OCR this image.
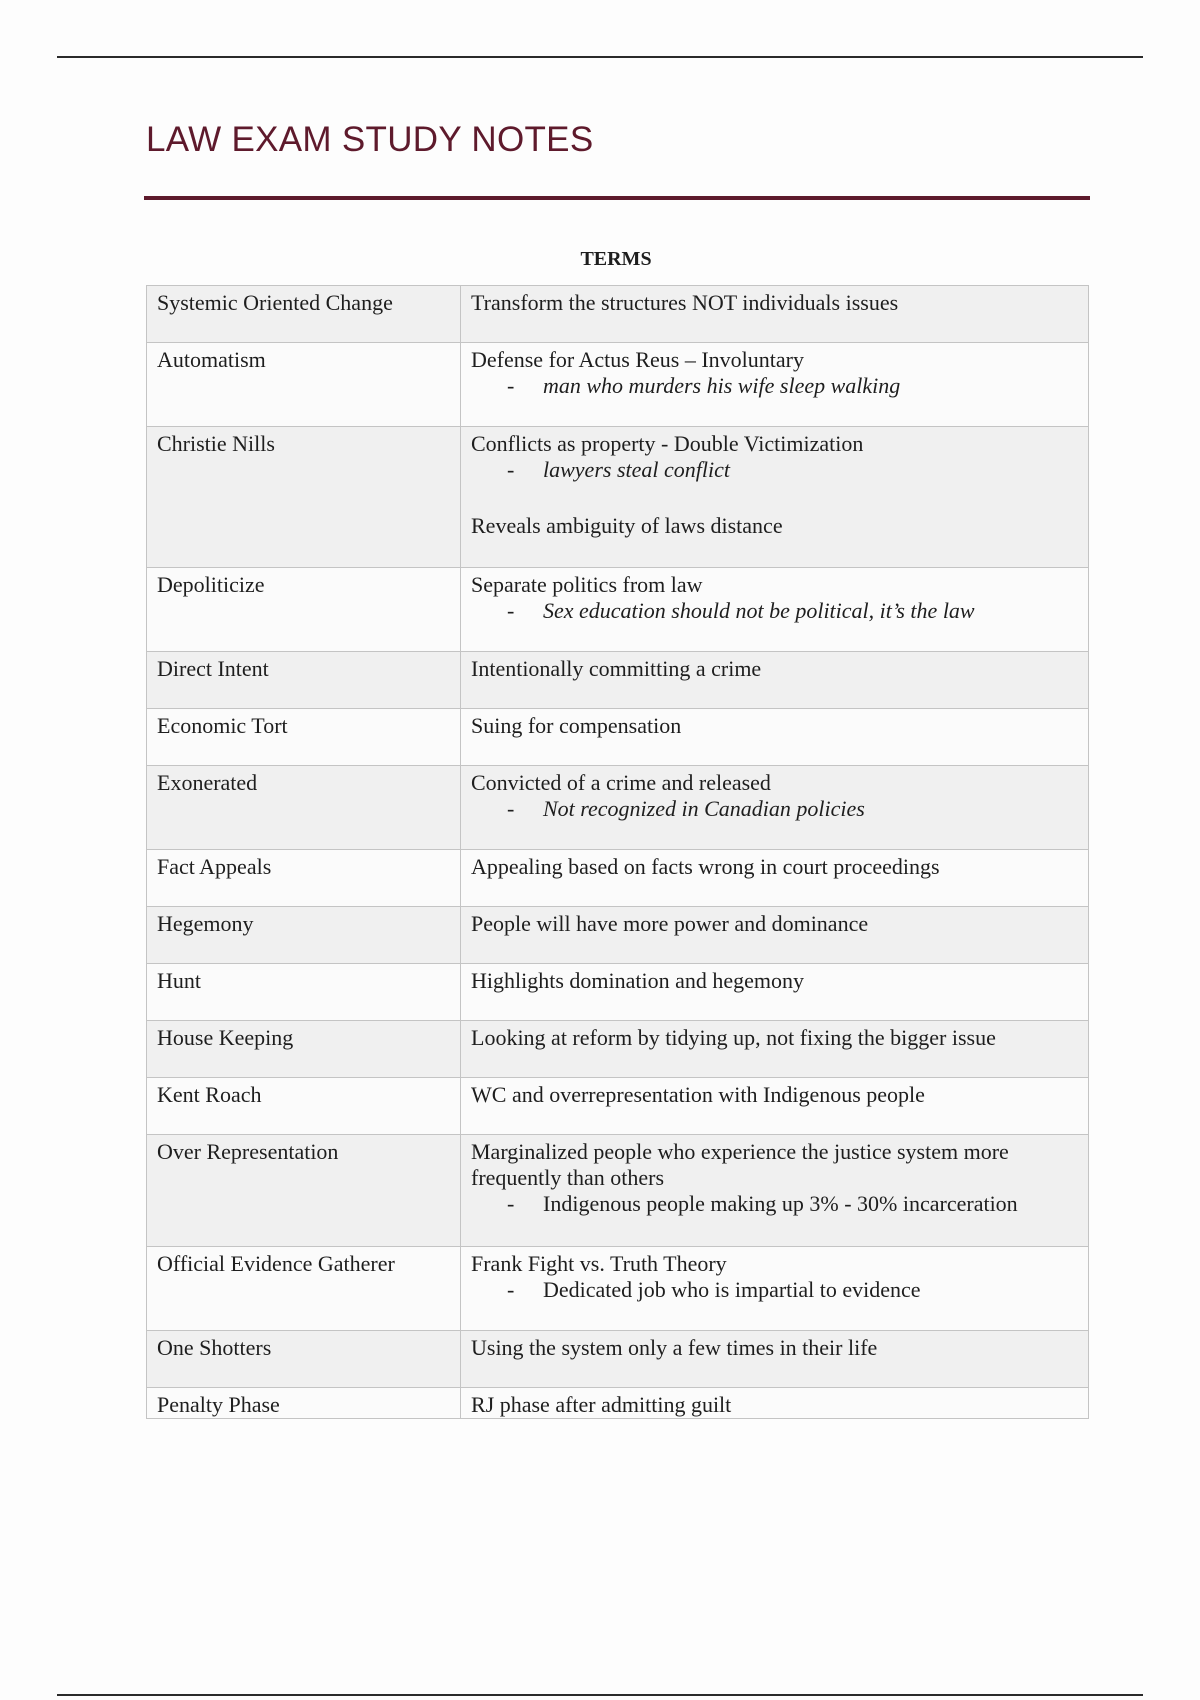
LAW EXAM STUDY NOTES

TERMS

Systemic Oriented Change	Transform the structures NOT individuals issues

Automatism	Defense for Actus Reus – Involuntary
- man who murders his wife sleep walking

Christie Nills	Conflicts as property - Double Victimization
- lawyers steal conflict
Reveals ambiguity of laws distance

Depoliticize	Separate politics from law
- Sex education should not be political, it’s the law

Direct Intent	Intentionally committing a crime

Economic Tort	Suing for compensation

Exonerated	Convicted of a crime and released
- Not recognized in Canadian policies

Fact Appeals	Appealing based on facts wrong in court proceedings

Hegemony	People will have more power and dominance

Hunt	Highlights domination and hegemony

House Keeping	Looking at reform by tidying up, not fixing the bigger issue

Kent Roach	WC and overrepresentation with Indigenous people

Over Representation	Marginalized people who experience the justice system more frequently than others
- Indigenous people making up 3% - 30% incarceration

Official Evidence Gatherer	Frank Fight vs. Truth Theory
- Dedicated job who is impartial to evidence

One Shotters	Using the system only a few times in their life

Penalty Phase	RJ phase after admitting guilt
